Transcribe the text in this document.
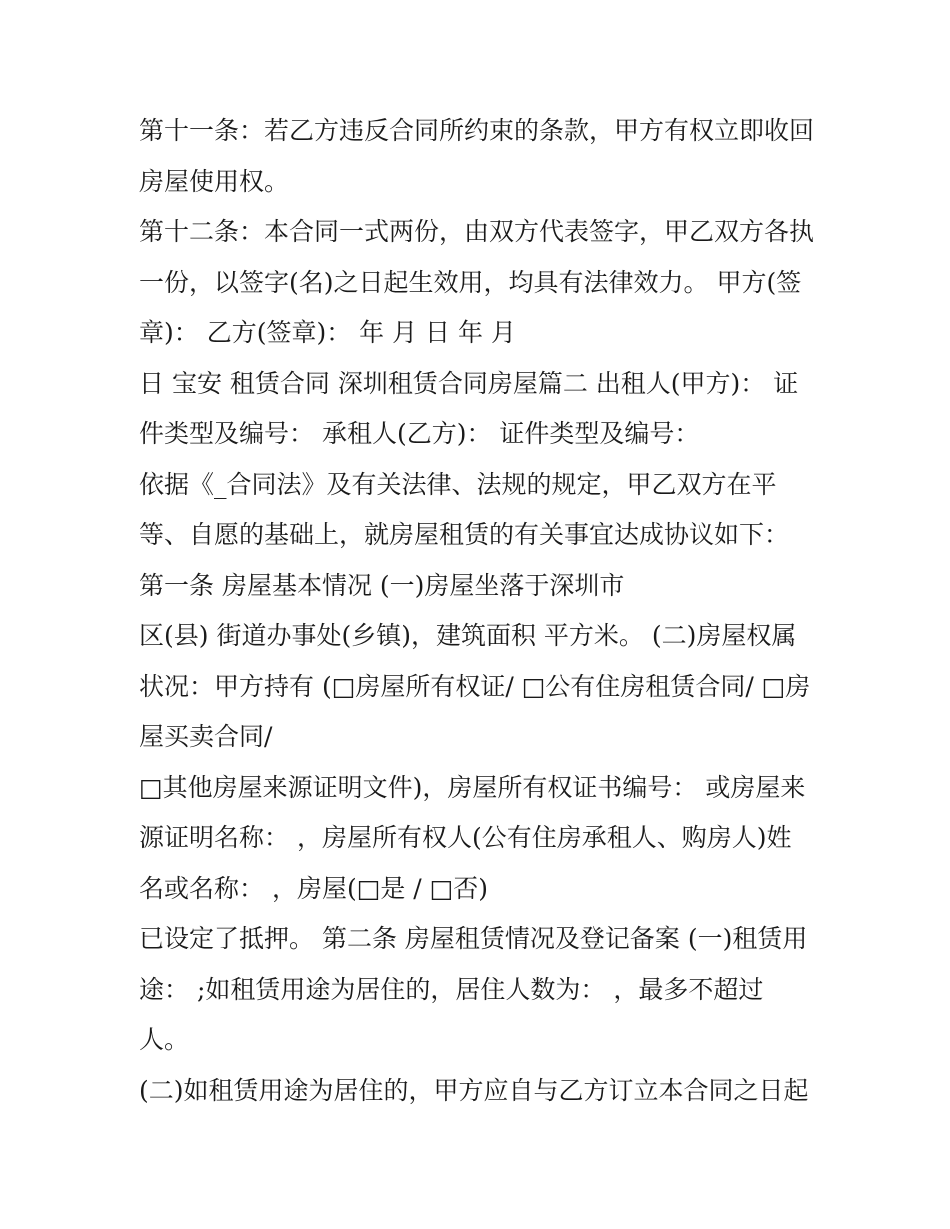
第十一条：若乙方违反合同所约束的条款，甲方有权立即收回
房屋使用权。
第十二条：本合同一式两份，由双方代表签字，甲乙双方各执
一份，以签字(名)之日起生效用，均具有法律效力。 甲方(签
章)： 乙方(签章)： 年 月 日 年 月
日 宝安 租赁合同 深圳租赁合同房屋篇二 出租人(甲方)： 证
件类型及编号： 承租人(乙方)： 证件类型及编号：
依据《_合同法》及有关法律、法规的规定，甲乙双方在平
等、自愿的基础上，就房屋租赁的有关事宜达成协议如下：
第一条 房屋基本情况 (一)房屋坐落于深圳市
区(县) 街道办事处(乡镇)，建筑面积 平方米。 (二)房屋权属
状况：甲方持有 (□房屋所有权证/ □公有住房租赁合同/ □房
屋买卖合同/
□其他房屋来源证明文件)，房屋所有权证书编号： 或房屋来
源证明名称： ，房屋所有权人(公有住房承租人、购房人)姓
名或名称： ，房屋(□是 / □否)
已设定了抵押。 第二条 房屋租赁情况及登记备案 (一)租赁用
途： ;如租赁用途为居住的，居住人数为： ，最多不超过
人。
(二)如租赁用途为居住的，甲方应自与乙方订立本合同之日起
